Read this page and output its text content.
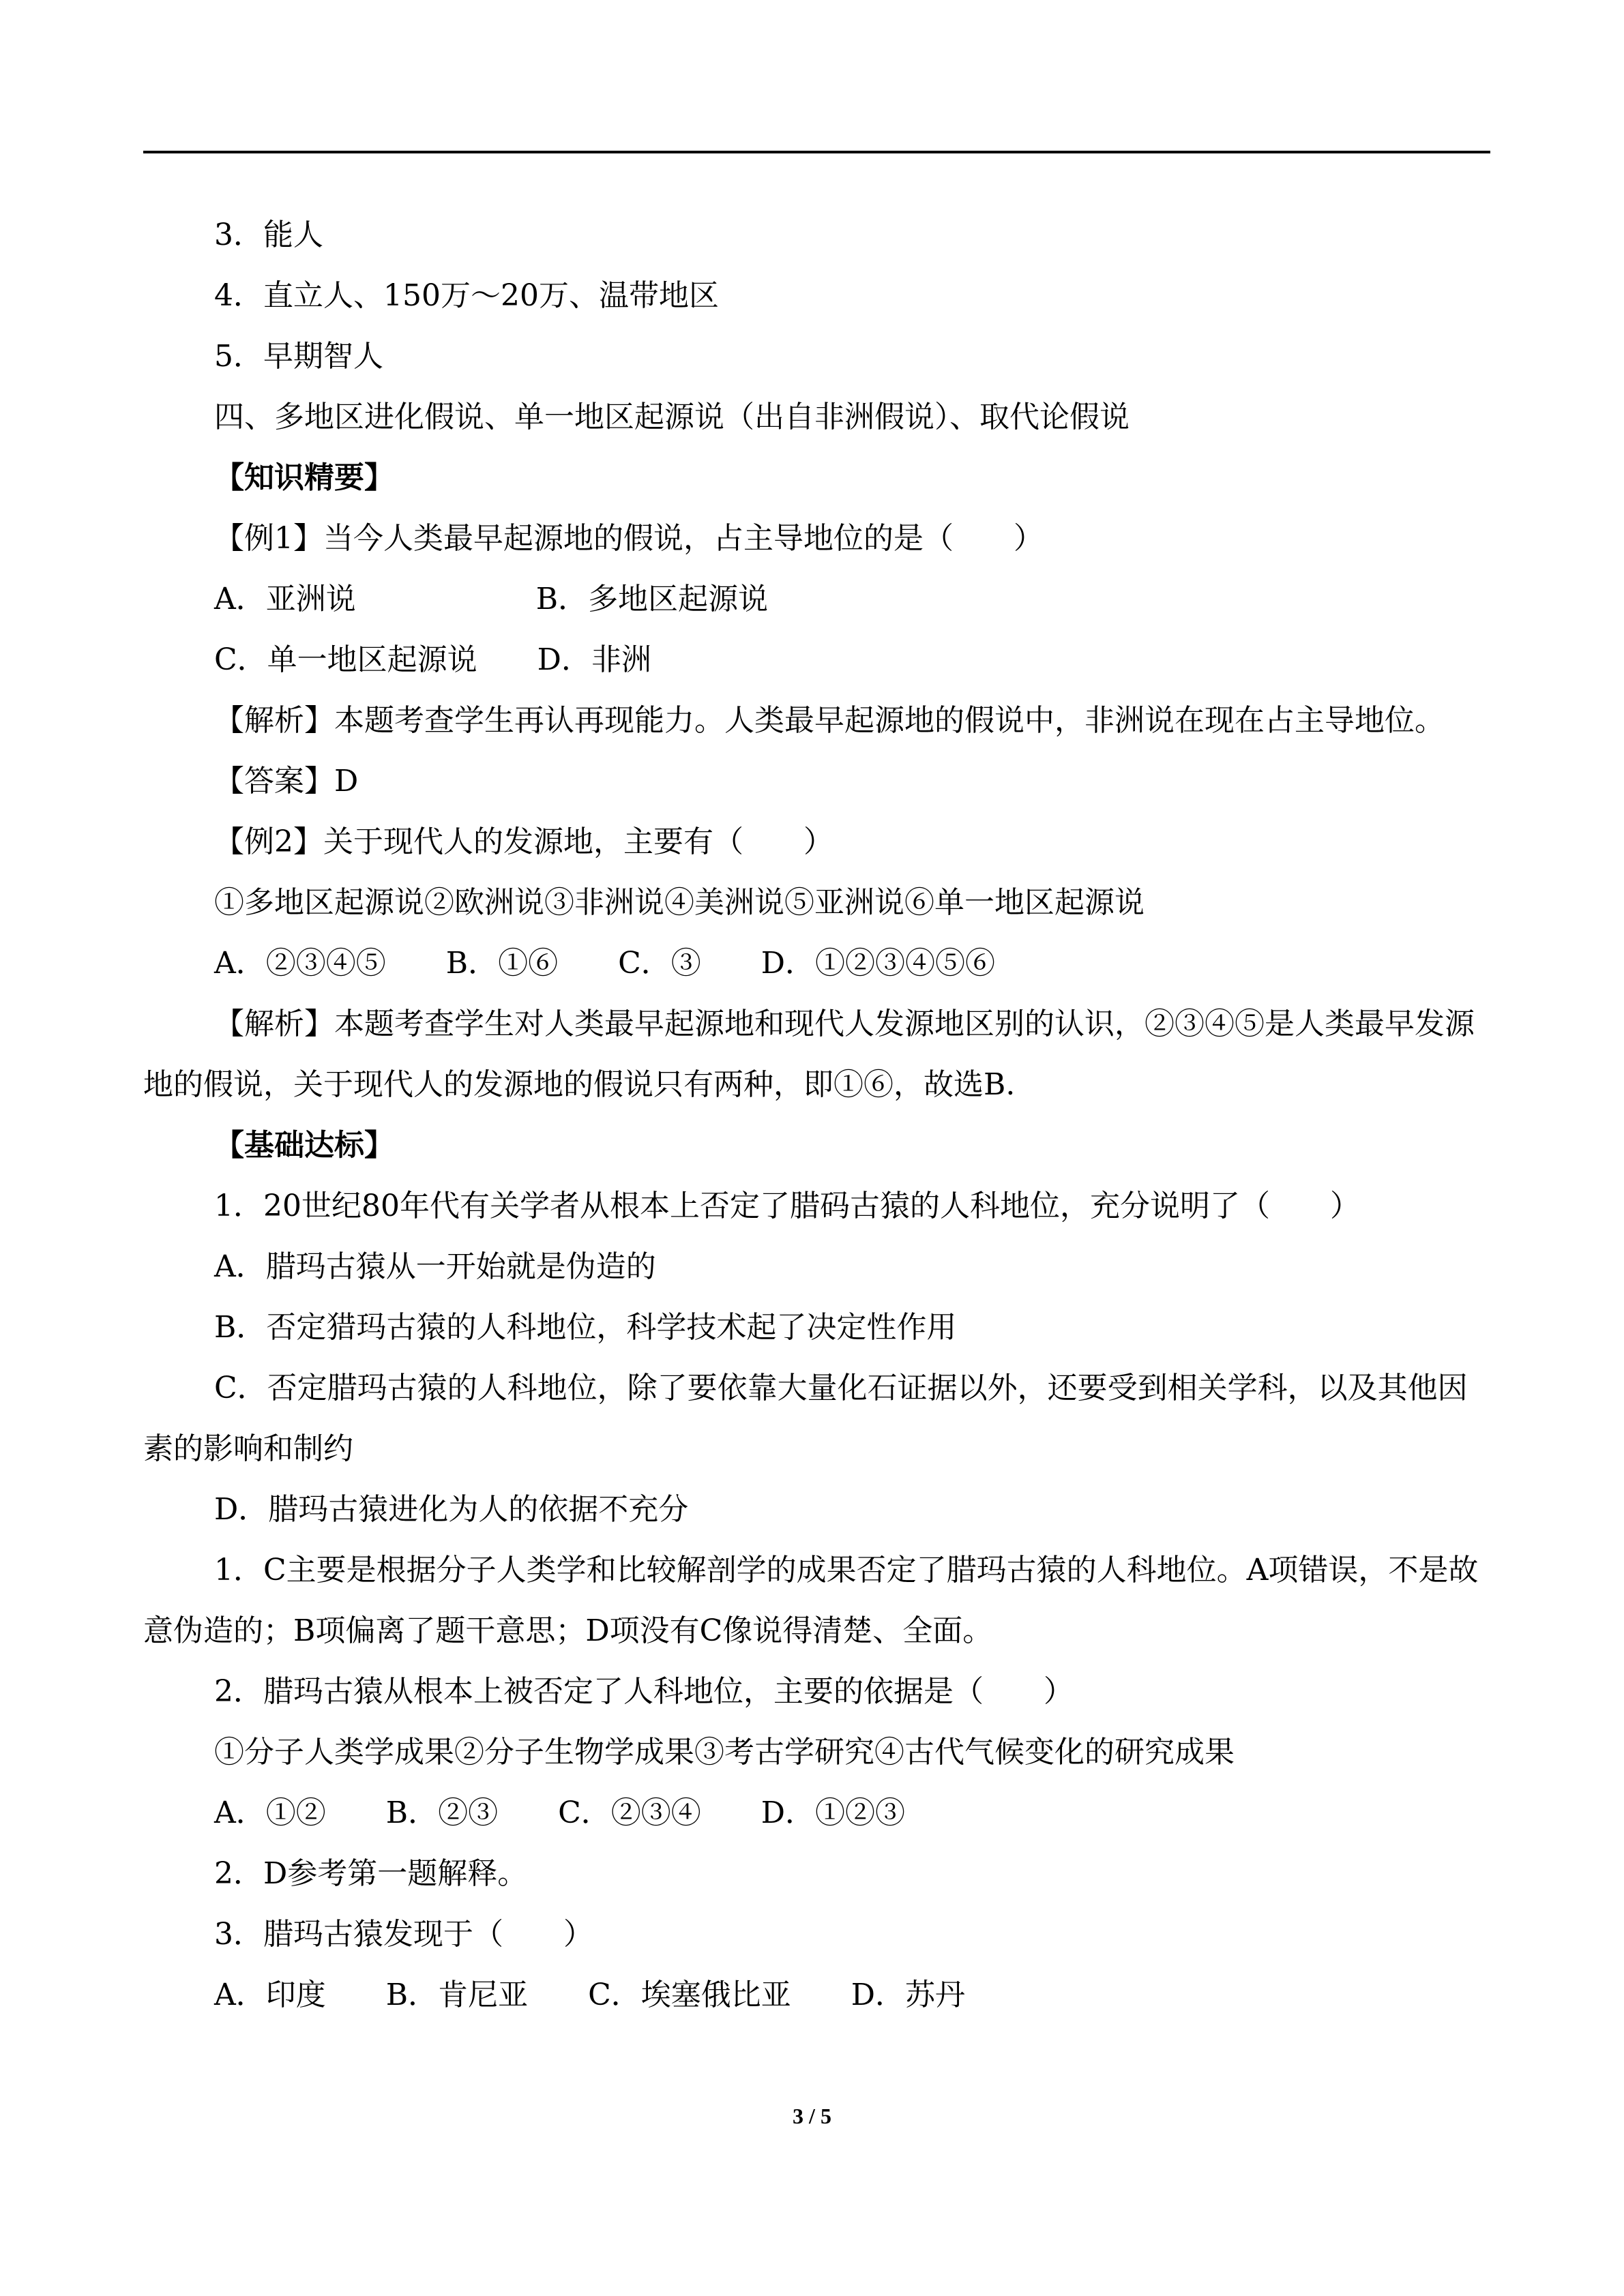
3．能人

4．直立人、150万～20万、温带地区

5．早期智人

四、多地区进化假说、单一地区起源说（出自非洲假说）、取代论假说

【知识精要】

【例1】当今人类最早起源地的假说，占主导地位的是（　　）

A．亚洲说　　　　　　B．多地区起源说

C．单一地区起源说　　D．非洲

【解析】本题考查学生再认再现能力。人类最早起源地的假说中，非洲说在现在占主导地位。

【答案】D

【例2】关于现代人的发源地，主要有（　　）

①多地区起源说②欧洲说③非洲说④美洲说⑤亚洲说⑥单一地区起源说

A．②③④⑤　　B．①⑥　　C．③　　D．①②③④⑤⑥

【解析】本题考查学生对人类最早起源地和现代人发源地区别的认识，②③④⑤是人类最早发源地的假说，关于现代人的发源地的假说只有两种，即①⑥，故选B.

【基础达标】

1．20世纪80年代有关学者从根本上否定了腊码古猿的人科地位，充分说明了（　　）

A．腊玛古猿从一开始就是伪造的

B．否定猎玛古猿的人科地位，科学技术起了决定性作用

C．否定腊玛古猿的人科地位，除了要依靠大量化石证据以外，还要受到相关学科，以及其他因素的影响和制约

D．腊玛古猿进化为人的依据不充分

1．C主要是根据分子人类学和比较解剖学的成果否定了腊玛古猿的人科地位。A项错误，不是故意伪造的；B项偏离了题干意思；D项没有C像说得清楚、全面。

2．腊玛古猿从根本上被否定了人科地位，主要的依据是（　　）

①分子人类学成果②分子生物学成果③考古学研究④古代气候变化的研究成果

A．①②　　B．②③　　C．②③④　　D．①②③

2．D参考第一题解释。

3．腊玛古猿发现于（　　）

A．印度　　B．肯尼亚　　C．埃塞俄比亚　　D．苏丹

3 / 5
